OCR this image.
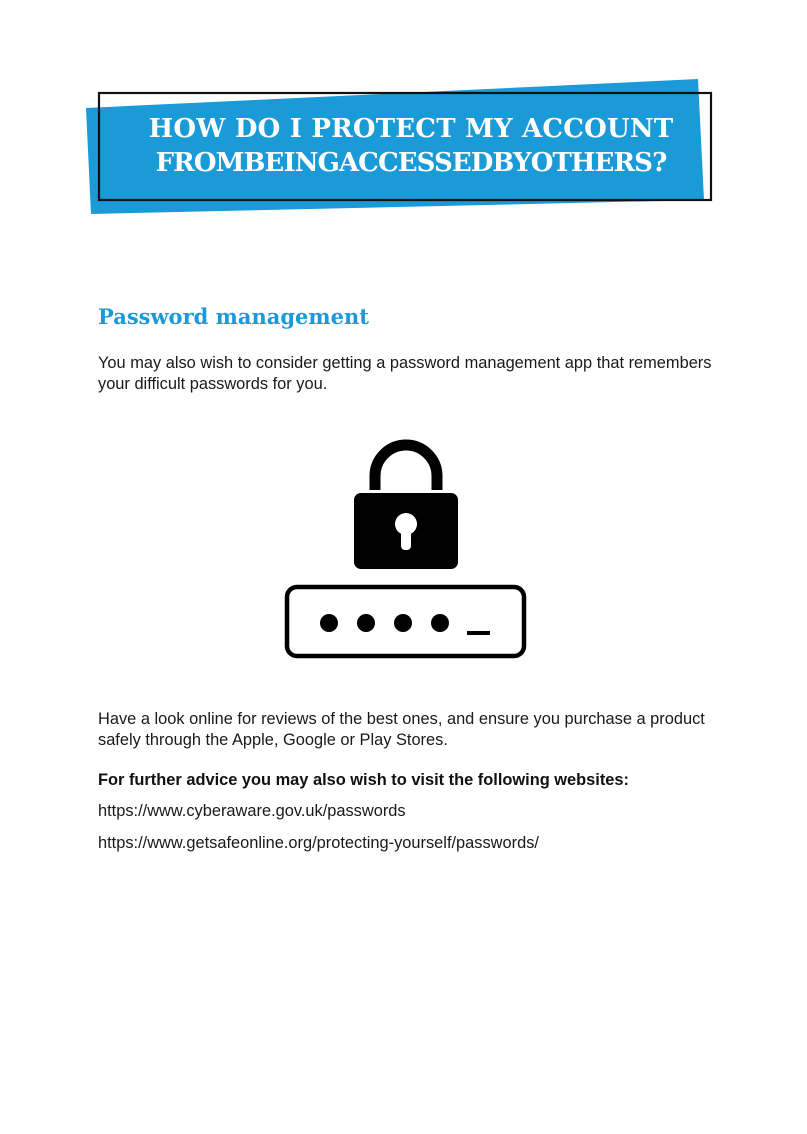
HOW DO I PROTECT MY ACCOUNT
FROMBEINGACCESSEDBYOTHERS?
Password management

You may also wish to consider getting a password management app that remembers your difficult passwords for you.

Have a look online for reviews of the best ones, and ensure you purchase a product safely through the Apple, Google or Play Stores.

For further advice you may also wish to visit the following websites:

https://www.cyberaware.gov.uk/passwords

https://www.getsafeonline.org/protecting-yourself/passwords/
